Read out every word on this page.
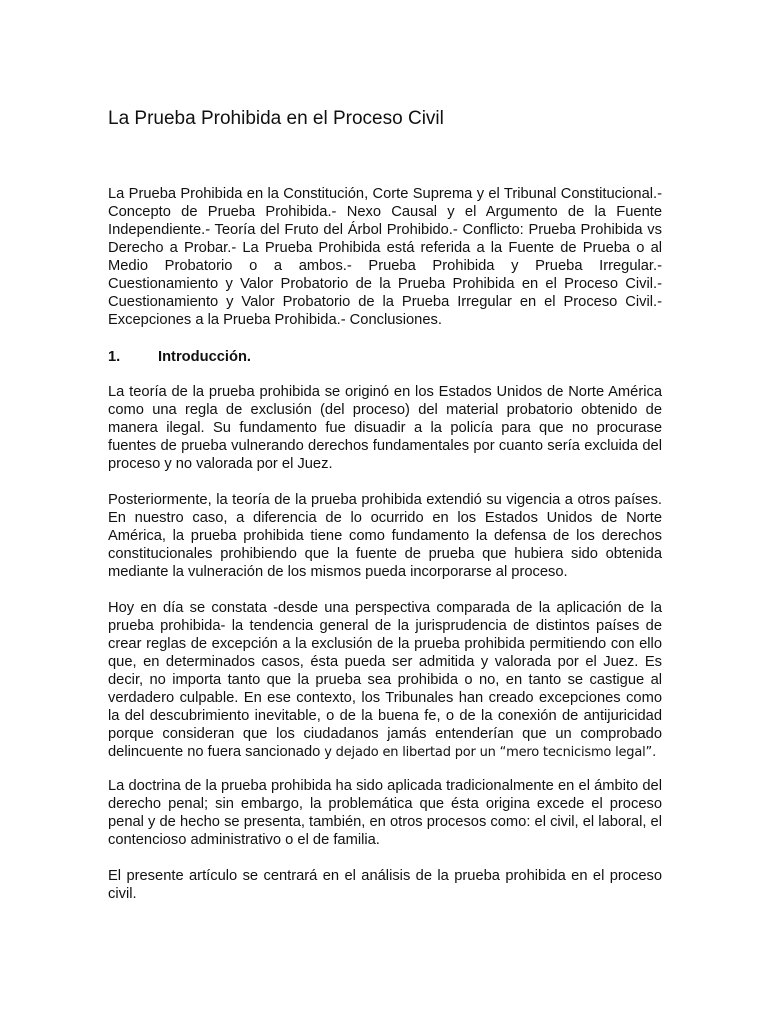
La Prueba Prohibida en el Proceso Civil

La Prueba Prohibida en la Constitución, Corte Suprema y el Tribunal Constitucional.- Concepto de Prueba Prohibida.- Nexo Causal y el Argumento de la Fuente Independiente.- Teoría del Fruto del Árbol Prohibido.- Conflicto: Prueba Prohibida vs Derecho a Probar.- La Prueba Prohibida está referida a la Fuente de Prueba o al Medio Probatorio o a ambos.- Prueba Prohibida y Prueba Irregular.- Cuestionamiento y Valor Probatorio de la Prueba Prohibida en el Proceso Civil.- Cuestionamiento y Valor Probatorio de la Prueba Irregular en el Proceso Civil.- Excepciones a la Prueba Prohibida.- Conclusiones.

1.	Introducción.

La teoría de la prueba prohibida se originó en los Estados Unidos de Norte América como una regla de exclusión (del proceso) del material probatorio obtenido de manera ilegal. Su fundamento fue disuadir a la policía para que no procurase fuentes de prueba vulnerando derechos fundamentales por cuanto sería excluida del proceso y no valorada por el Juez.

Posteriormente, la teoría de la prueba prohibida extendió su vigencia a otros países. En nuestro caso, a diferencia de lo ocurrido en los Estados Unidos de Norte América, la prueba prohibida tiene como fundamento la defensa de los derechos constitucionales prohibiendo que la fuente de prueba que hubiera sido obtenida mediante la vulneración de los mismos pueda incorporarse al proceso.

Hoy en día se constata -desde una perspectiva comparada de la aplicación de la prueba prohibida- la tendencia general de la jurisprudencia de distintos países de crear reglas de excepción a la exclusión de la prueba prohibida permitiendo con ello que, en determinados casos, ésta pueda ser admitida y valorada por el Juez. Es decir, no importa tanto que la prueba sea prohibida o no, en tanto se castigue al verdadero culpable. En ese contexto, los Tribunales han creado excepciones como la del descubrimiento inevitable, o de la buena fe, o de la conexión de antijuricidad porque consideran que los ciudadanos jamás entenderían que un comprobado delincuente no fuera sancionado y dejado en libertad por un “mero tecnicismo legal”.

La doctrina de la prueba prohibida ha sido aplicada tradicionalmente en el ámbito del derecho penal; sin embargo, la problemática que ésta origina excede el proceso penal y de hecho se presenta, también, en otros procesos como: el civil, el laboral, el contencioso administrativo o el de familia.

El presente artículo se centrará en el análisis de la prueba prohibida en el proceso civil.
